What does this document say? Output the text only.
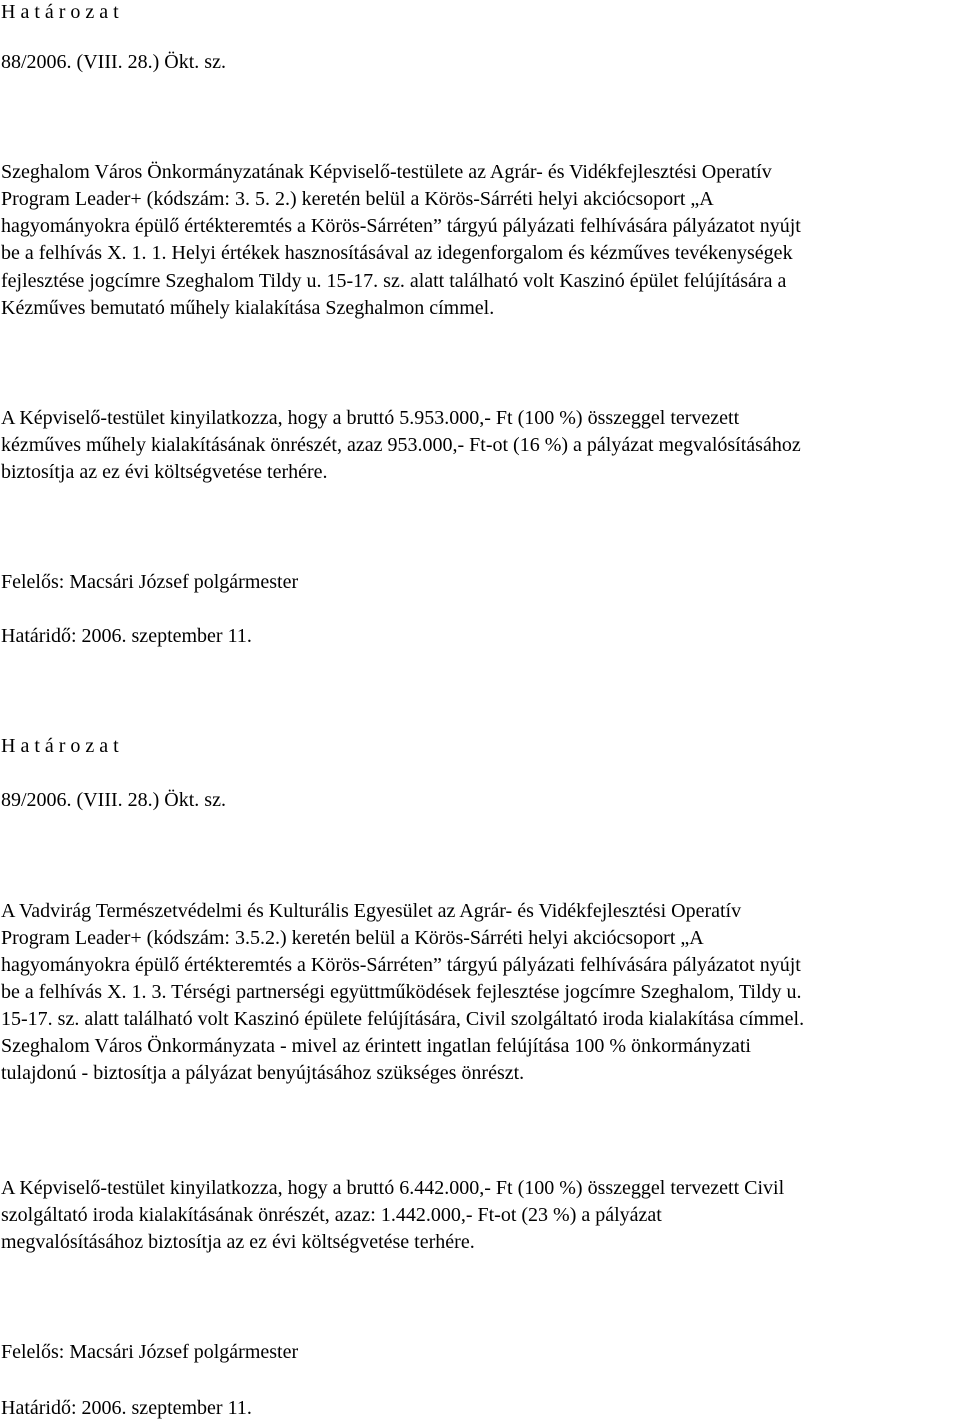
H a t á r o z a t

88/2006. (VIII. 28.) Ökt. sz.

Szeghalom Város Önkormányzatának Képviselő-testülete az Agrár- és Vidékfejlesztési Operatív

Program Leader+ (kódszám: 3. 5. 2.) keretén belül a Körös-Sárréti helyi akciócsoport „A

hagyományokra épülő értékteremtés a Körös-Sárréten” tárgyú pályázati felhívására pályázatot nyújt

be a felhívás X. 1. 1. Helyi értékek hasznosításával az idegenforgalom és kézműves tevékenységek

fejlesztése jogcímre Szeghalom Tildy u. 15-17. sz. alatt található volt Kaszinó épület felújítására a

Kézműves bemutató műhely kialakítása Szeghalmon címmel.

A Képviselő-testület kinyilatkozza, hogy a bruttó 5.953.000,- Ft (100 %) összeggel tervezett

kézműves műhely kialakításának önrészét, azaz 953.000,- Ft-ot (16 %) a pályázat megvalósításához

biztosítja az ez évi költségvetése terhére.

Felelős: Macsári József polgármester

Határidő: 2006. szeptember 11.

H a t á r o z a t

89/2006. (VIII. 28.) Ökt. sz.

A Vadvirág Természetvédelmi és Kulturális Egyesület az Agrár- és Vidékfejlesztési Operatív

Program Leader+ (kódszám: 3.5.2.) keretén belül a Körös-Sárréti helyi akciócsoport „A

hagyományokra épülő értékteremtés a Körös-Sárréten” tárgyú pályázati felhívására pályázatot nyújt

be a felhívás X. 1. 3. Térségi partnerségi együttműködések fejlesztése jogcímre Szeghalom, Tildy u.

15-17. sz. alatt található volt Kaszinó épülete felújítására, Civil szolgáltató iroda kialakítása címmel.

Szeghalom Város Önkormányzata - mivel az érintett ingatlan felújítása 100 % önkormányzati

tulajdonú - biztosítja a pályázat benyújtásához szükséges önrészt.

A Képviselő-testület kinyilatkozza, hogy a bruttó 6.442.000,- Ft (100 %) összeggel tervezett Civil

szolgáltató iroda kialakításának önrészét, azaz: 1.442.000,- Ft-ot (23 %) a pályázat

megvalósításához biztosítja az ez évi költségvetése terhére.

Felelős: Macsári József polgármester

Határidő: 2006. szeptember 11.
